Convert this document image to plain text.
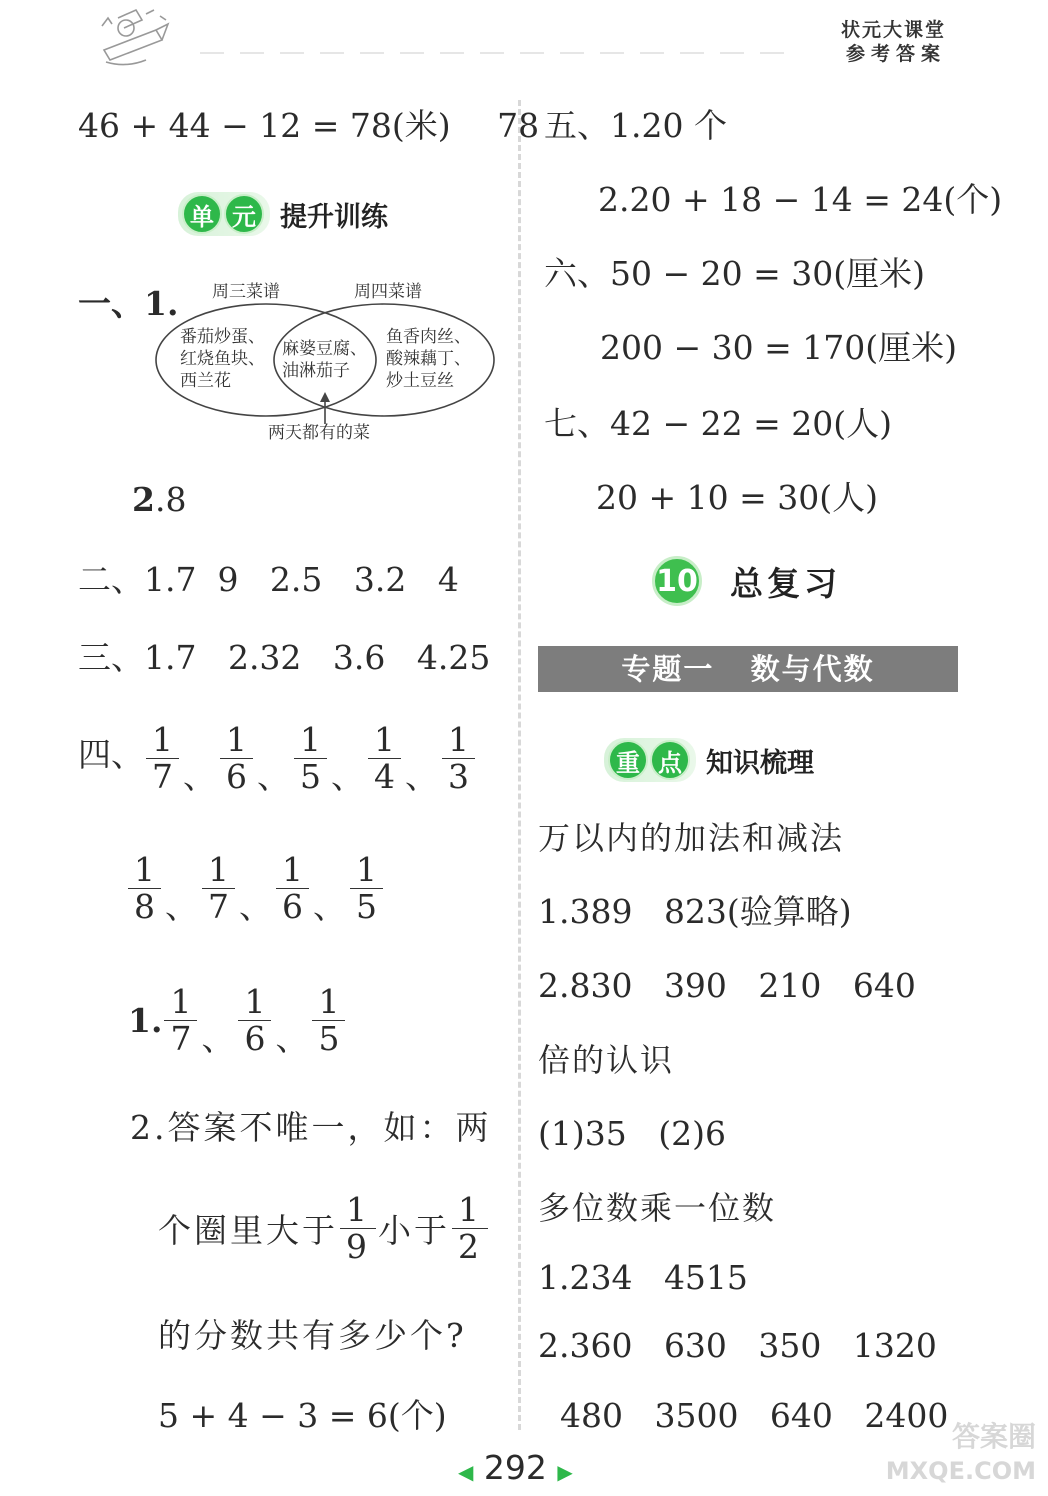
状元大课堂
参考答案
46 + 44 − 12 = 78(米) 78
单 元 提升训练
一、1. 周三菜谱	周四菜谱
番茄炒蛋、
红烧鱼块、
西兰花
麻婆豆腐、
油淋茄子
鱼香肉丝、
酸辣藕丁、
炒土豆丝
两天都有的菜
2.8
二、1.7  9   2.5   3.2   4
三、1.7   2.32   3.6   4.25
四、 $\frac{1}{7}$ 、 $\frac{1}{6}$ 、 $\frac{1}{5}$ 、 $\frac{1}{4}$ 、 $\frac{1}{3}$
$\frac{1}{8}$ 、 $\frac{1}{7}$ 、 $\frac{1}{6}$ 、 $\frac{1}{5}$
1. $\frac{1}{7}$ 、 $\frac{1}{6}$ 、 $\frac{1}{5}$
2.答案不唯一，如：两
个圈里大于 $\frac{1}{9}$ 小于 $\frac{1}{2}$
的分数共有多少个?
5 + 4 − 3 = 6(个)
五、1.20 个
2.20 + 18 − 14 = 24(个)
六、50 − 20 = 30(厘米)
200 − 30 = 170(厘米)
七、42 − 22 = 20(人)
20 + 10 = 30(人)
10 总复习
专题一   数与代数
重 点 知识梳理
万以内的加法和减法
1.389   823(验算略)
2.830   390   210   640
倍的认识
(1)35   (2)6
多位数乘一位数
1.234   4515
2.360   630   350   1320
480   3500   640   2400
◀ 292 ▶
答案圈
MXQE.COM
